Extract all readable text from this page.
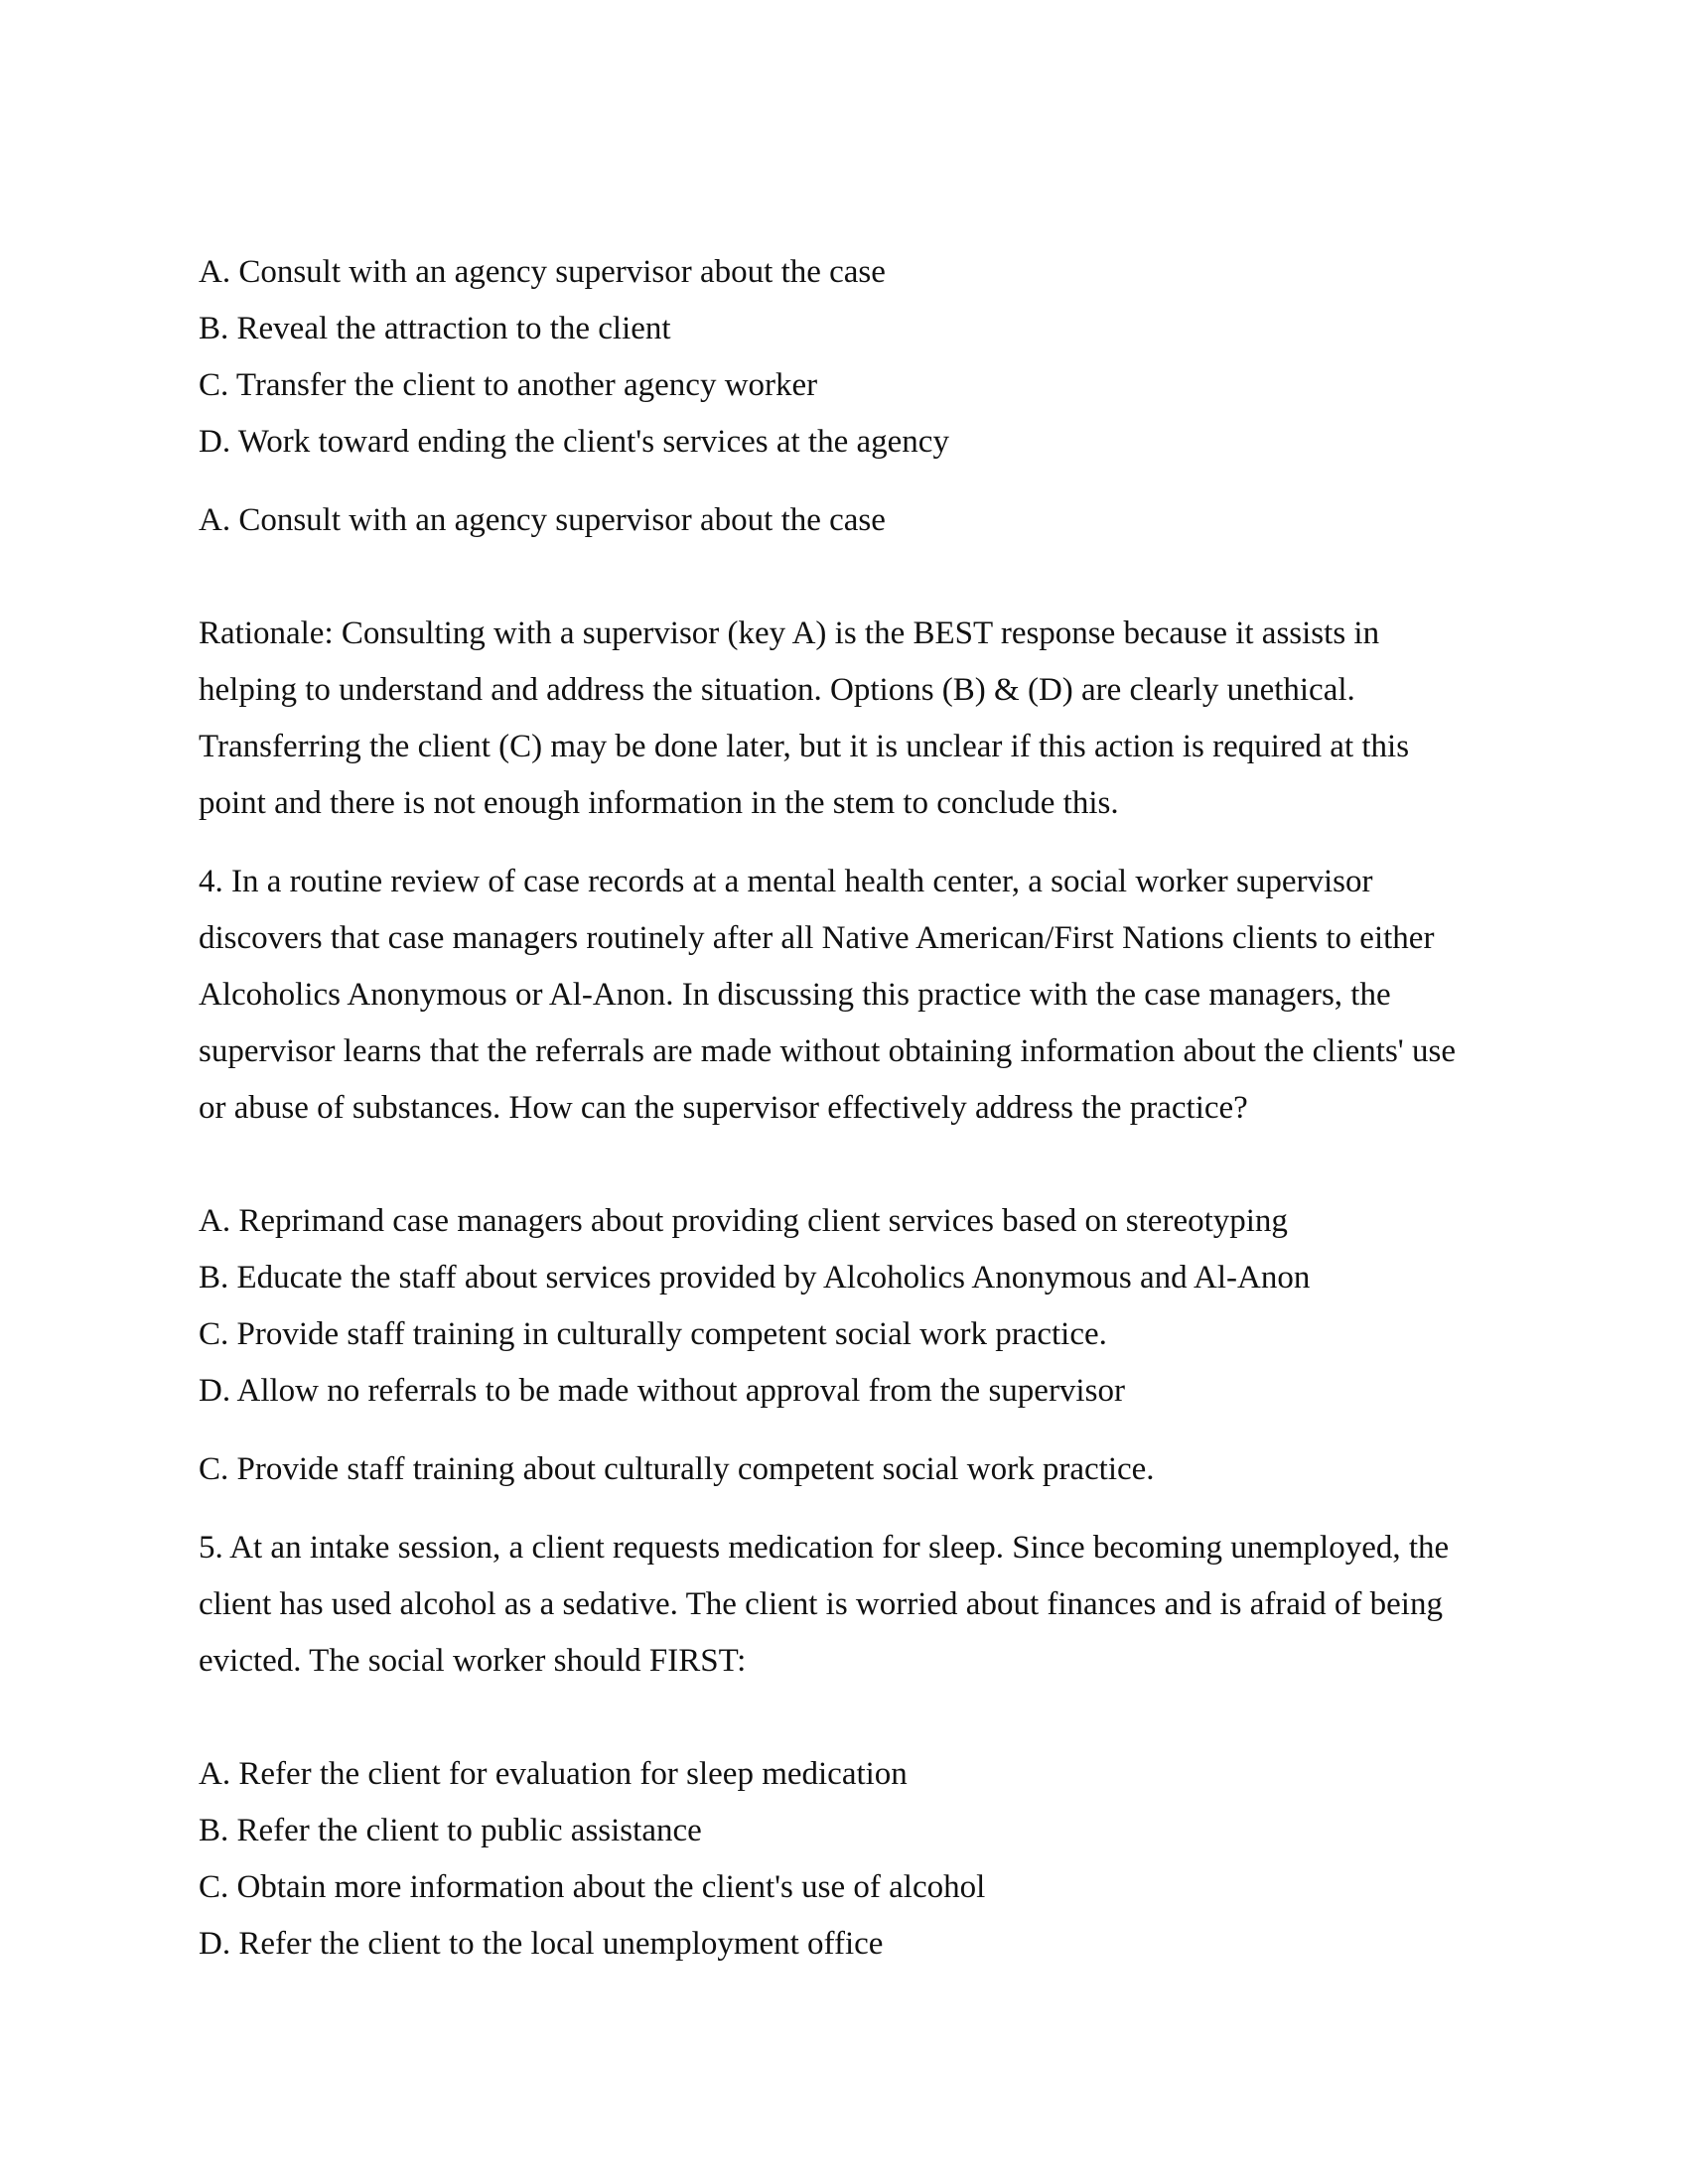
A. Consult with an agency supervisor about the case
B. Reveal the attraction to the client
C. Transfer the client to another agency worker
D. Work toward ending the client's services at the agency
A. Consult with an agency supervisor about the case
Rationale: Consulting with a supervisor (key A) is the BEST response because it assists in
helping to understand and address the situation. Options (B) & (D) are clearly unethical.
Transferring the client (C) may be done later, but it is unclear if this action is required at this
point and there is not enough information in the stem to conclude this.
4. In a routine review of case records at a mental health center, a social worker supervisor
discovers that case managers routinely after all Native American/First Nations clients to either
Alcoholics Anonymous or Al-Anon. In discussing this practice with the case managers, the
supervisor learns that the referrals are made without obtaining information about the clients' use
or abuse of substances. How can the supervisor effectively address the practice?
A. Reprimand case managers about providing client services based on stereotyping
B. Educate the staff about services provided by Alcoholics Anonymous and Al-Anon
C. Provide staff training in culturally competent social work practice.
D. Allow no referrals to be made without approval from the supervisor
C. Provide staff training about culturally competent social work practice.
5. At an intake session, a client requests medication for sleep. Since becoming unemployed, the
client has used alcohol as a sedative. The client is worried about finances and is afraid of being
evicted. The social worker should FIRST:
A. Refer the client for evaluation for sleep medication
B. Refer the client to public assistance
C. Obtain more information about the client's use of alcohol
D. Refer the client to the local unemployment office
